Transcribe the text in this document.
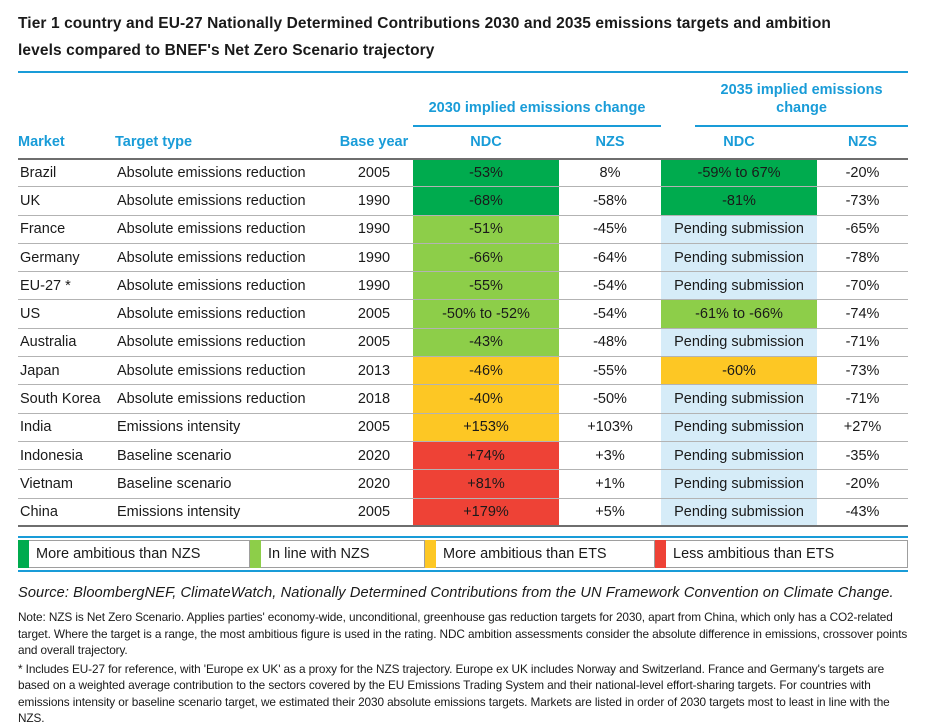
Tier 1 country and EU-27 Nationally Determined Contributions 2030 and 2035 emissions targets and ambition levels compared to BNEF's Net Zero Scenario trajectory

			2030 implied emissions change		2035 implied emissions change	

Market	Target type	Base year	NDC	NZS	NDC	NZS
Brazil	Absolute emissions reduction	2005	-53%	8%	-59% to 67%	-20%
UK	Absolute emissions reduction	1990	-68%	-58%	-81%	-73%
France	Absolute emissions reduction	1990	-51%	-45%	Pending submission	-65%
Germany	Absolute emissions reduction	1990	-66%	-64%	Pending submission	-78%
EU-27 *	Absolute emissions reduction	1990	-55%	-54%	Pending submission	-70%
US	Absolute emissions reduction	2005	-50% to -52%	-54%	-61% to -66%	-74%
Australia	Absolute emissions reduction	2005	-43%	-48%	Pending submission	-71%
Japan	Absolute emissions reduction	2013	-46%	-55%	-60%	-73%
South Korea	Absolute emissions reduction	2018	-40%	-50%	Pending submission	-71%
India	Emissions intensity	2005	+153%	+103%	Pending submission	+27%
Indonesia	Baseline scenario	2020	+74%	+3%	Pending submission	-35%
Vietnam	Baseline scenario	2020	+81%	+1%	Pending submission	-20%
China	Emissions intensity	2005	+179%	+5%	Pending submission	-43%
More ambitious than NZS	In line with NZS	More ambitious than ETS	Less ambitious than ETS
Source: BloombergNEF, ClimateWatch, Nationally Determined Contributions from the UN Framework Convention on Climate Change.
Note: NZS is Net Zero Scenario. Applies parties' economy-wide, unconditional, greenhouse gas reduction targets for 2030, apart from China, which only has a CO2-related target. Where the target is a range, the most ambitious figure is used in the rating. NDC ambition assessments consider the absolute difference in emissions, crossover points and overall trajectory.
* Includes EU-27 for reference, with 'Europe ex UK' as a proxy for the NZS trajectory. Europe ex UK includes Norway and Switzerland. France and Germany's targets are based on a weighted average contribution to the sectors covered by the EU Emissions Trading System and their national-level effort-sharing targets. For countries with emissions intensity or baseline scenario target, we estimated their 2030 absolute emissions targets. Markets are listed in order of 2030 targets most to least in line with the NZS.
